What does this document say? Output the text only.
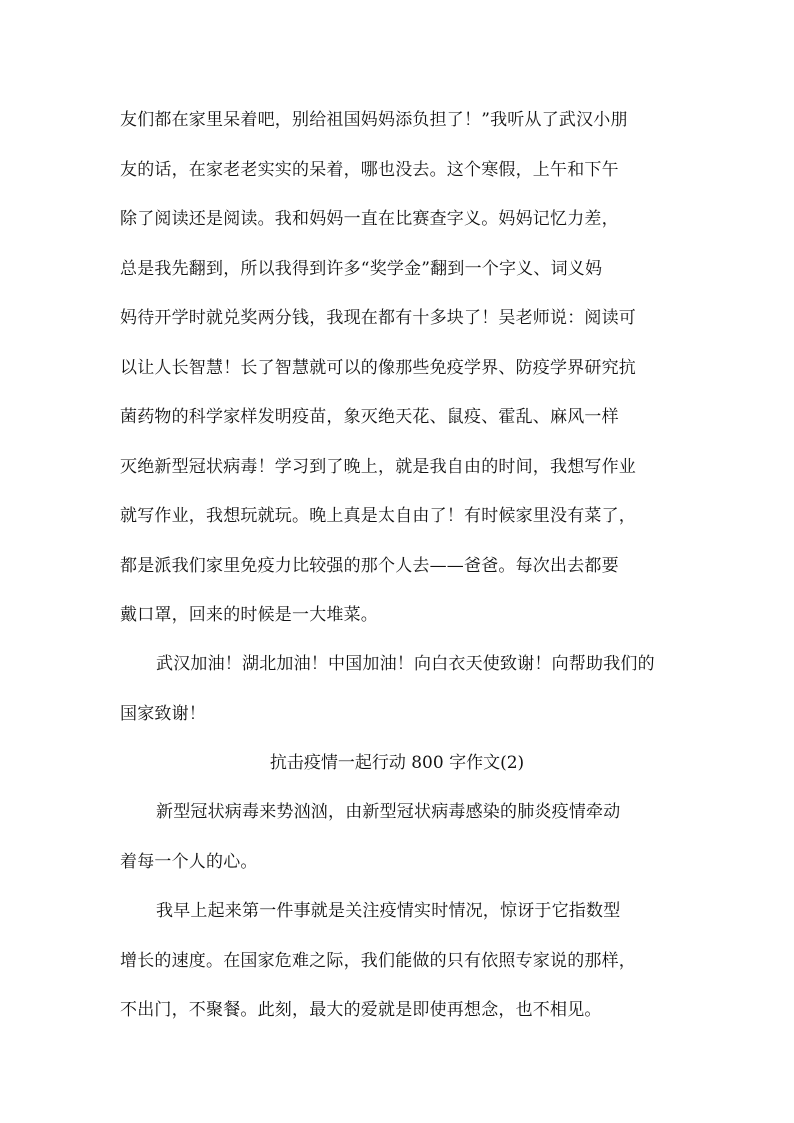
友们都在家里呆着吧，别给祖国妈妈添负担了！”我听从了武汉小朋
友的话，在家老老实实的呆着，哪也没去。这个寒假，上午和下午
除了阅读还是阅读。我和妈妈一直在比赛查字义。妈妈记忆力差，
总是我先翻到，所以我得到许多“奖学金”翻到一个字义、词义妈
妈待开学时就兑奖两分钱，我现在都有十多块了！吴老师说：阅读可
以让人长智慧！长了智慧就可以的像那些免疫学界、防疫学界研究抗
菌药物的科学家样发明疫苗，象灭绝天花、鼠疫、霍乱、麻风一样
灭绝新型冠状病毒！学习到了晚上，就是我自由的时间，我想写作业
就写作业，我想玩就玩。晚上真是太自由了！有时候家里没有菜了，
都是派我们家里免疫力比较强的那个人去——爸爸。每次出去都要
戴口罩，回来的时候是一大堆菜。
武汉加油！湖北加油！中国加油！向白衣天使致谢！向帮助我们的
国家致谢！
抗击疫情一起行动 800 字作文(2)
新型冠状病毒来势汹汹，由新型冠状病毒感染的肺炎疫情牵动
着每一个人的心。
我早上起来第一件事就是关注疫情实时情况，惊讶于它指数型
增长的速度。在国家危难之际，我们能做的只有依照专家说的那样，
不出门，不聚餐。此刻，最大的爱就是即使再想念，也不相见。
